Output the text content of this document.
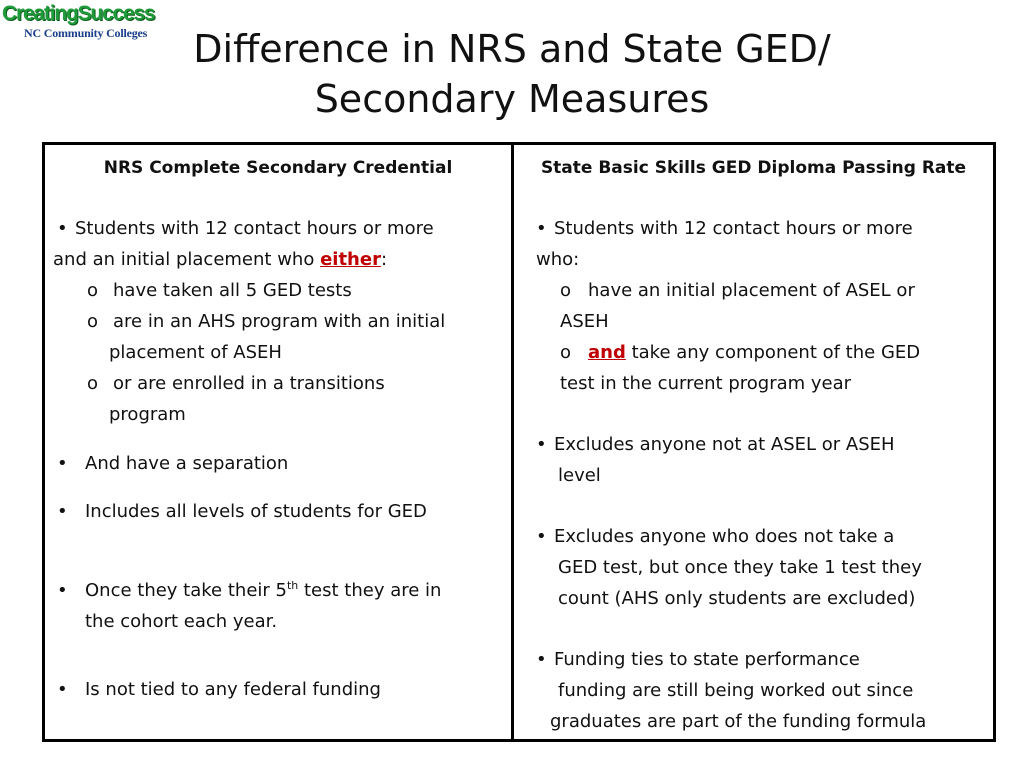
CreatingSuccess
NC Community Colleges	Difference in NRS and State GED/
Secondary Measures
NRS Complete Secondary Credential
• Students with 12 contact hours or more
and an initial placement who either:
o have taken all 5 GED tests
o are in an AHS program with an initial
placement of ASEH
o or are enrolled in a transitions
program
• And have a separation
• Includes all levels of students for GED
• Once they take their 5th test they are in
the cohort each year.
• Is not tied to any federal funding
State Basic Skills GED Diploma Passing Rate
• Students with 12 contact hours or more
who:
o have an initial placement of ASEL or
ASEH
o and take any component of the GED
test in the current program year
• Excludes anyone not at ASEL or ASEH
level
• Excludes anyone who does not take a
GED test, but once they take 1 test they
count (AHS only students are excluded)
• Funding ties to state performance
funding are still being worked out since
graduates are part of the funding formula
